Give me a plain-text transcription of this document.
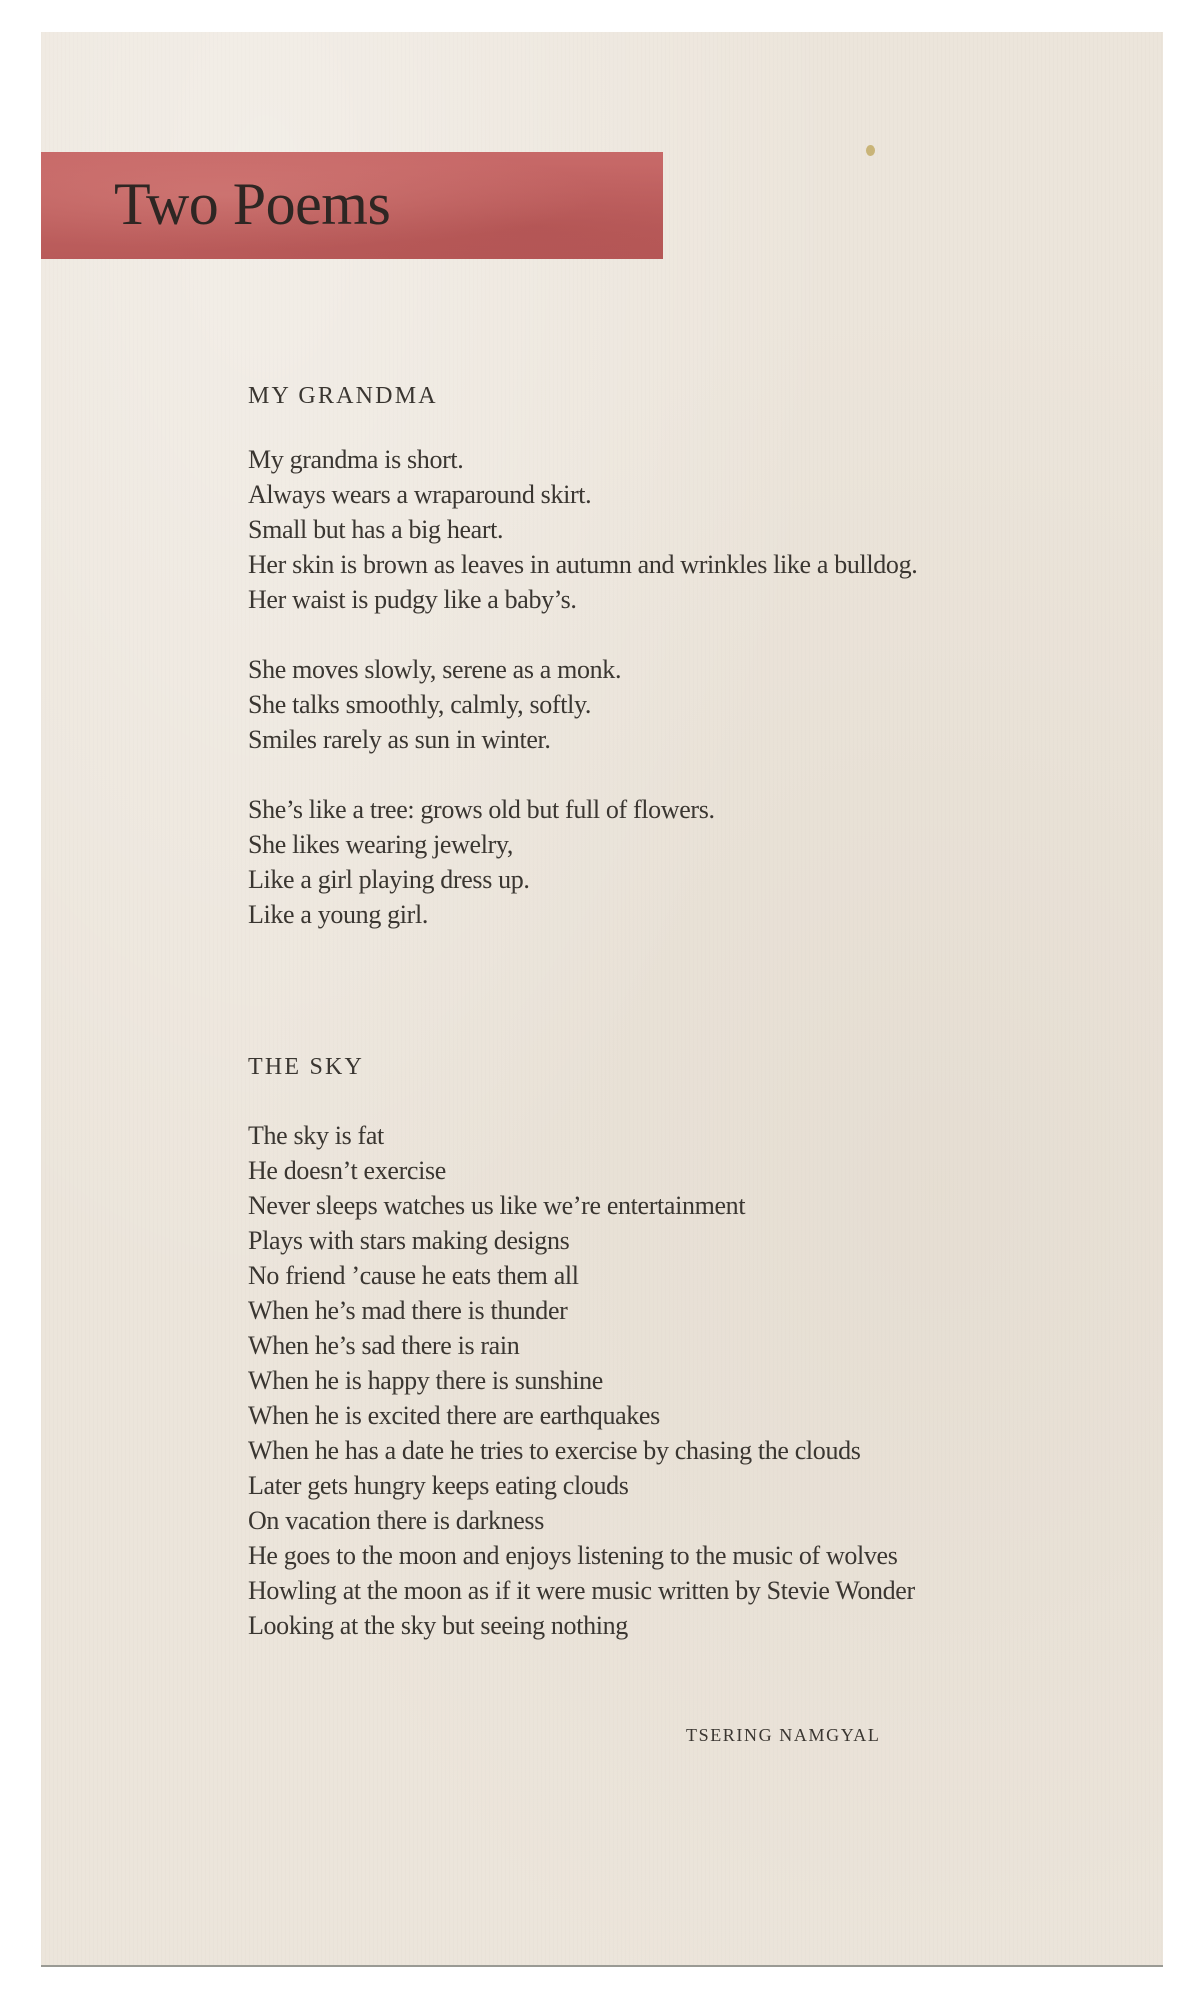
Two Poems
MY GRANDMA
My grandma is short.
Always wears a wraparound skirt.
Small but has a big heart.
Her skin is brown as leaves in autumn and wrinkles like a bulldog.
Her waist is pudgy like a baby’s.
She moves slowly, serene as a monk.
She talks smoothly, calmly, softly.
Smiles rarely as sun in winter.
She’s like a tree: grows old but full of flowers.
She likes wearing jewelry,
Like a girl playing dress up.
Like a young girl.
THE SKY
The sky is fat
He doesn’t exercise
Never sleeps watches us like we’re entertainment
Plays with stars making designs
No friend ’cause he eats them all
When he’s mad there is thunder
When he’s sad there is rain
When he is happy there is sunshine
When he is excited there are earthquakes
When he has a date he tries to exercise by chasing the clouds
Later gets hungry keeps eating clouds
On vacation there is darkness
He goes to the moon and enjoys listening to the music of wolves
Howling at the moon as if it were music written by Stevie Wonder
Looking at the sky but seeing nothing
TSERING NAMGYAL
